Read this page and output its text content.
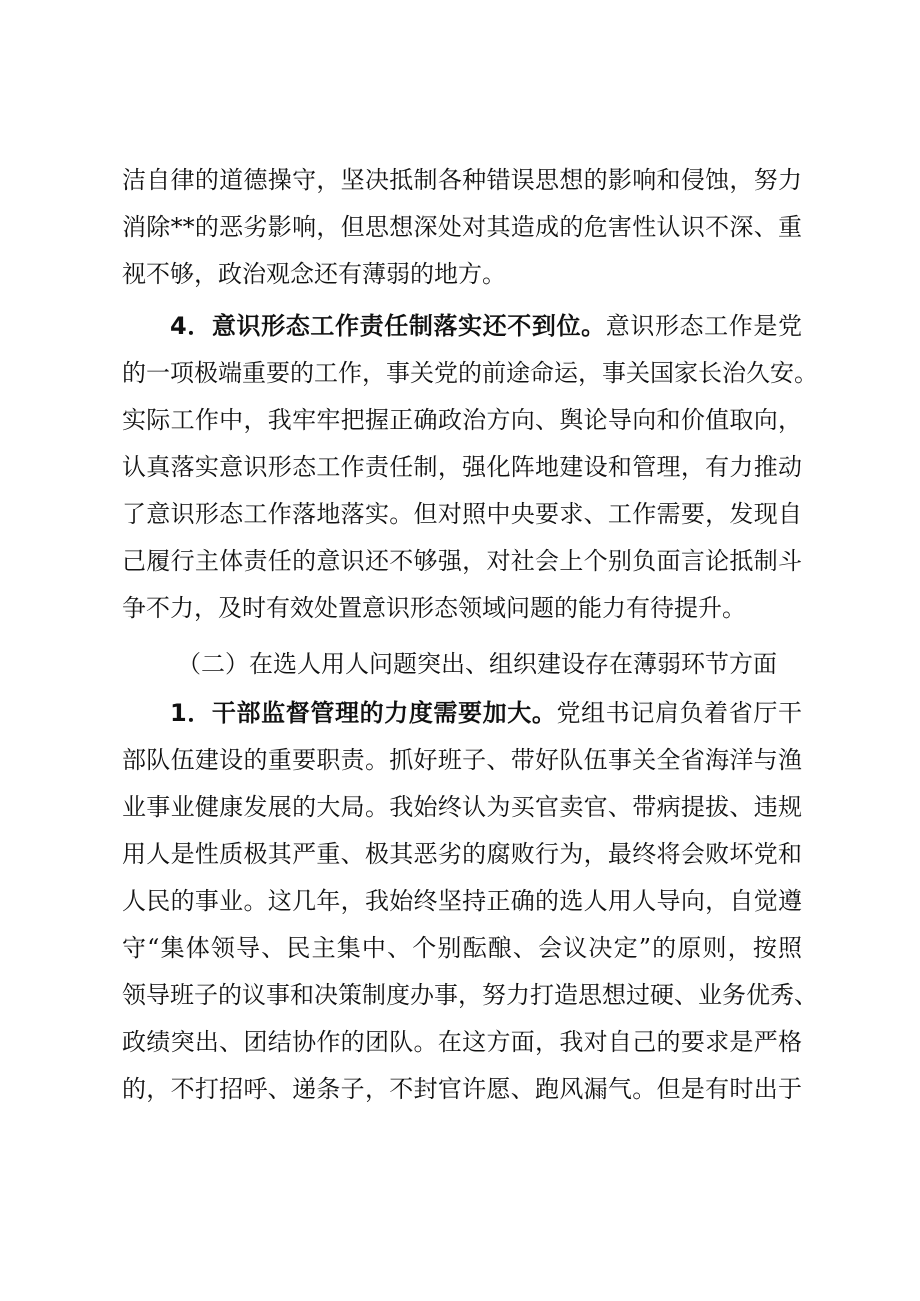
洁自律的道德操守，坚决抵制各种错误思想的影响和侵蚀，努力
消除**的恶劣影响，但思想深处对其造成的危害性认识不深、重
视不够，政治观念还有薄弱的地方。
4．意识形态工作责任制落实还不到位。意识形态工作是党
的一项极端重要的工作，事关党的前途命运，事关国家长治久安。
实际工作中，我牢牢把握正确政治方向、舆论导向和价值取向，
认真落实意识形态工作责任制，强化阵地建设和管理，有力推动
了意识形态工作落地落实。但对照中央要求、工作需要，发现自
己履行主体责任的意识还不够强，对社会上个别负面言论抵制斗
争不力，及时有效处置意识形态领域问题的能力有待提升。
（二）在选人用人问题突出、组织建设存在薄弱环节方面
1．干部监督管理的力度需要加大。党组书记肩负着省厅干
部队伍建设的重要职责。抓好班子、带好队伍事关全省海洋与渔
业事业健康发展的大局。我始终认为买官卖官、带病提拔、违规
用人是性质极其严重、极其恶劣的腐败行为，最终将会败坏党和
人民的事业。这几年，我始终坚持正确的选人用人导向，自觉遵
守“集体领导、民主集中、个别酝酿、会议决定”的原则，按照
领导班子的议事和决策制度办事，努力打造思想过硬、业务优秀、
政绩突出、团结协作的团队。在这方面，我对自己的要求是严格
的，不打招呼、递条子，不封官许愿、跑风漏气。但是有时出于
